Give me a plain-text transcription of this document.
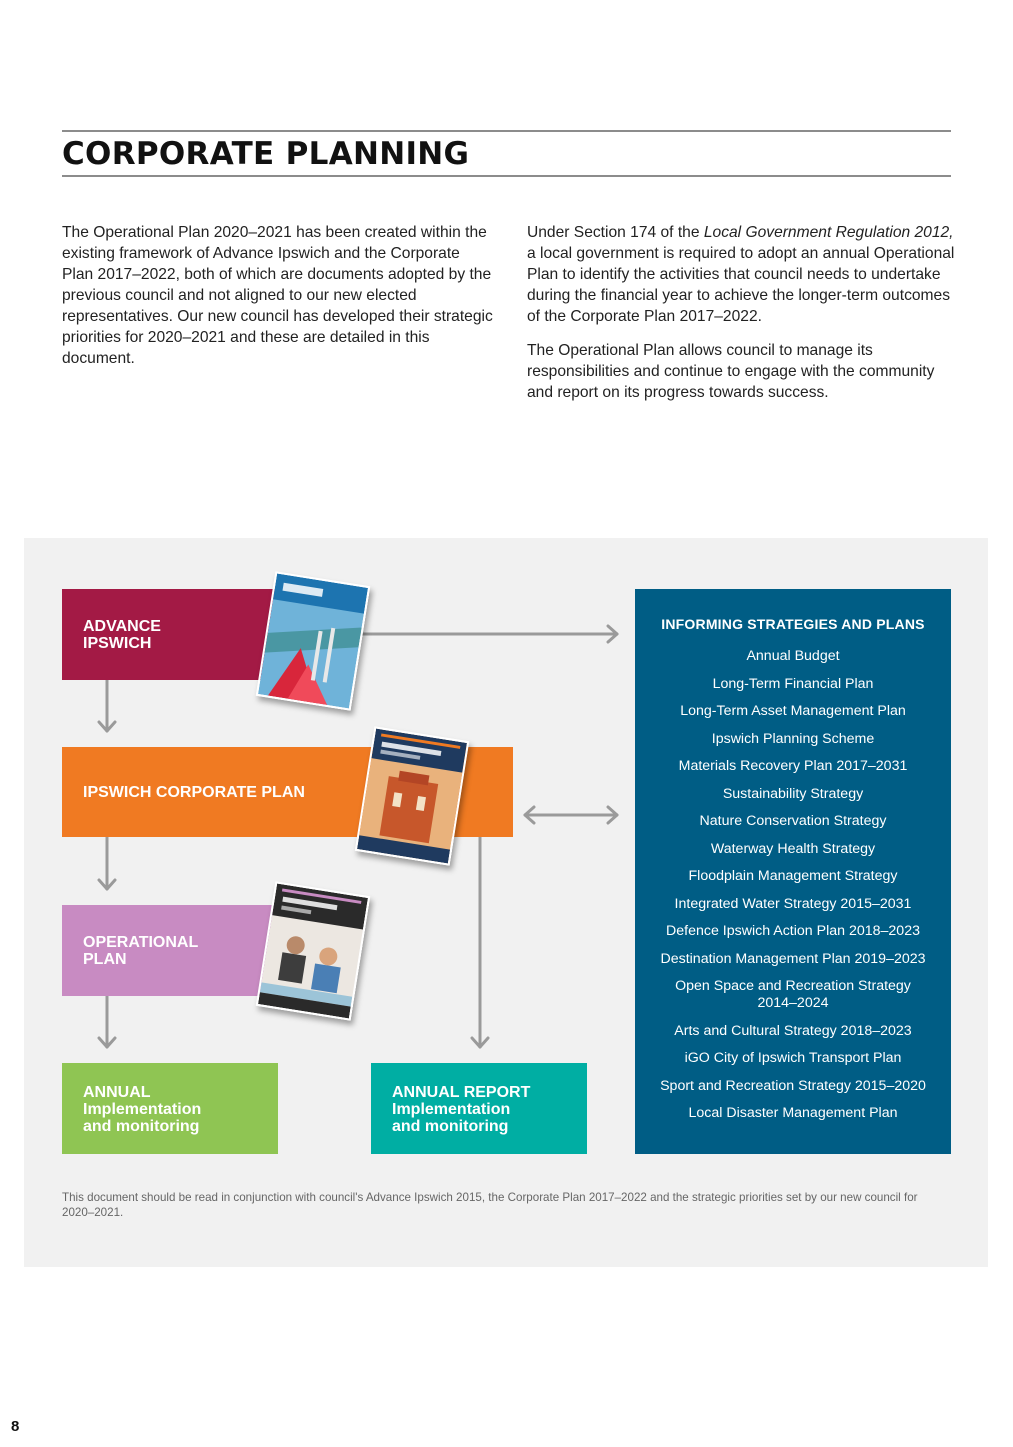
CORPORATE PLANNING

The Operational Plan 2020–2021 has been created within the existing framework of Advance Ipswich and the Corporate Plan 2017–2022, both of which are documents adopted by the previous council and not aligned to our new elected representatives. Our new council has developed their strategic priorities for 2020–2021 and these are detailed in this document.

Under Section 174 of the Local Government Regulation 2012, a local government is required to adopt an annual Operational Plan to identify the activities that council needs to undertake during the financial year to achieve the longer-term outcomes of the Corporate Plan 2017–2022.

The Operational Plan allows council to manage its responsibilities and continue to engage with the community and report on its progress towards success.

ADVANCE
IPSWICH
IPSWICH CORPORATE PLAN
OPERATIONAL
PLAN
ANNUAL
Implementation
and monitoring
ANNUAL REPORT
Implementation
and monitoring
INFORMING STRATEGIES AND PLANS
Annual Budget
Long-Term Financial Plan
Long-Term Asset Management Plan
Ipswich Planning Scheme
Materials Recovery Plan 2017–2031
Sustainability Strategy
Nature Conservation Strategy
Waterway Health Strategy
Floodplain Management Strategy
Integrated Water Strategy 2015–2031
Defence Ipswich Action Plan 2018–2023
Destination Management Plan 2019–2023
Open Space and Recreation Strategy 2014–2024
Arts and Cultural Strategy 2018–2023
iGO City of Ipswich Transport Plan
Sport and Recreation Strategy 2015–2020
Local Disaster Management Plan
This document should be read in conjunction with council's Advance Ipswich 2015, the Corporate Plan 2017–2022 and the strategic priorities set by our new council for 2020–2021.
8
